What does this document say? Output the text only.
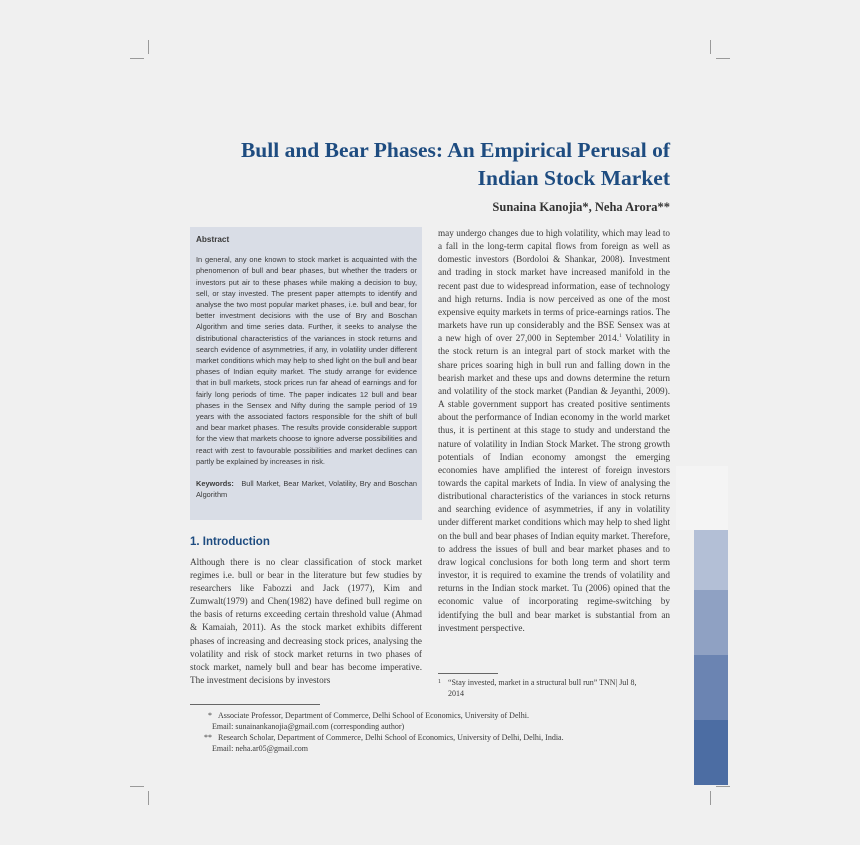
Bull and Bear Phases: An Empirical Perusal of
Indian Stock Market
Sunaina Kanojia*, Neha Arora**
Abstract
In general, any one known to stock market is acquainted with the phenomenon of bull and bear phases, but whether the traders or investors put air to these phases while making a decision to buy, sell, or stay invested. The present paper attempts to identify and analyse the two most popular market phases, i.e. bull and bear, for better investment decisions with the use of Bry and Boschan Algorithm and time series data. Further, it seeks to analyse the distributional characteristics of the variances in stock returns and search evidence of asymmetries, if any, in volatility under different market conditions which may help to shed light on the bull and bear phases of Indian equity market. The study arrange for evidence that in bull markets, stock prices run far ahead of earnings and for fairly long periods of time. The paper indicates 12 bull and bear phases in the Sensex and Nifty during the sample period of 19 years with the associated factors responsible for the shift of bull and bear market phases. The results provide considerable support for the view that markets choose to ignore adverse possibilities and react with zest to favourable possibilities and market declines can partly be explained by increases in risk.
Keywords: Bull Market, Bear Market, Volatility, Bry and Boschan Algorithm
1. Introduction
Although there is no clear classification of stock market regimes i.e. bull or bear in the literature but few studies by researchers like Fabozzi and Jack (1977), Kim and Zumwalt(1979) and Chen(1982) have defined bull regime on the basis of returns exceeding certain threshold value (Ahmad & Kamaiah, 2011). As the stock market exhibits different phases of increasing and decreasing stock prices, analysing the volatility and risk of stock market returns in two phases of stock market, namely bull and bear has become imperative. The investment decisions by investors
may undergo changes due to high volatility, which may lead to a fall in the long-term capital flows from foreign as well as domestic investors (Bordoloi & Shankar, 2008). Investment and trading in stock market have increased manifold in the recent past due to widespread information, ease of technology and high returns. India is now perceived as one of the most expensive equity markets in terms of price-earnings ratios. The markets have run up considerably and the BSE Sensex was at a new high of over 27,000 in September 2014.$^1$ Volatility in the stock return is an integral part of stock market with the share prices soaring high in bull run and falling down in the bearish market and these ups and downs determine the return and volatility of the stock market (Pandian & Jeyanthi, 2009). A stable government support has created positive sentiments about the performance of Indian economy in the world market thus, it is pertinent at this stage to study and understand the nature of volatility in Indian Stock Market. The strong growth potentials of Indian economy amongst the emerging economies have amplified the interest of foreign investors towards the capital markets of India. In view of analysing the distributional characteristics of the variances in stock returns and searching evidence of asymmetries, if any in volatility under different market conditions which may help to shed light on the bull and bear phases of Indian equity market. Therefore, to address the issues of bull and bear market phases and to draw logical conclusions for both long term and short term investor, it is required to examine the trends of volatility and returns in the Indian stock market. Tu (2006) opined that the economic value of incorporating regime-switching by identifying the bull and bear market is substantial from an investment perspective.
1 “Stay invested, market in a structural bull run” TNN| Jul 8,
2014
* Associate Professor, Department of Commerce, Delhi School of Economics, University of Delhi.
Email: sunainankanojia@gmail.com (corresponding author)
** Research Scholar, Department of Commerce, Delhi School of Economics, University of Delhi, Delhi, India.
Email: neha.ar05@gmail.com
